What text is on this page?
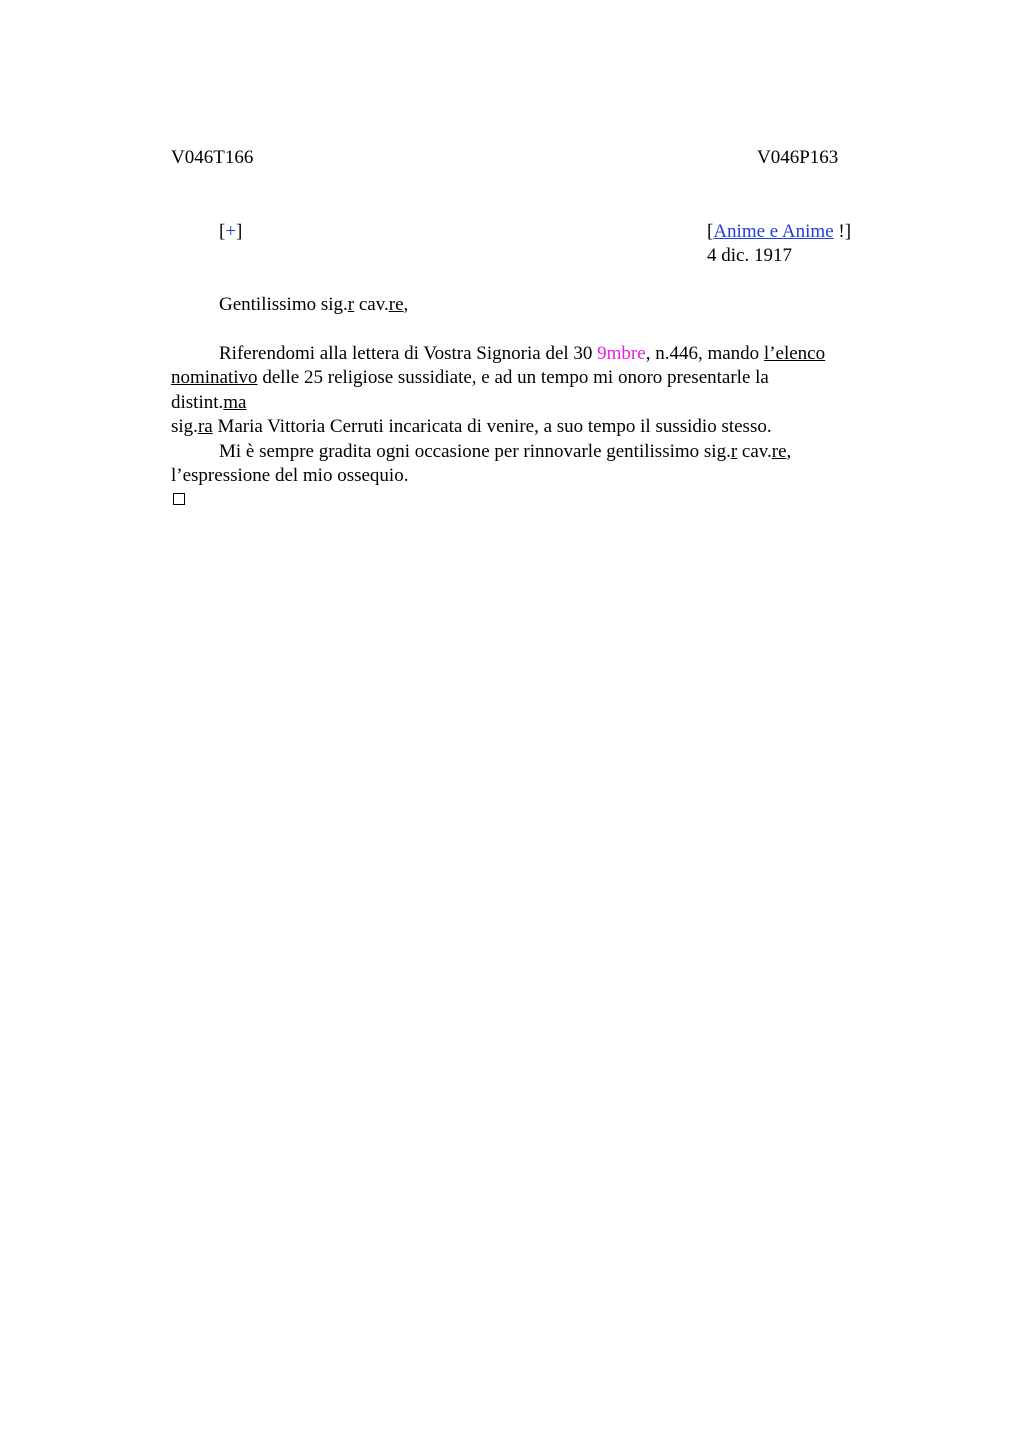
V046T166	V046P163
[+]	[Anime e Anime !]
4 dic. 1917
Gentilissimo sig.r cav.re,
Riferendomi alla lettera di Vostra Signoria del 30 9mbre, n.446, mando l’elenco
nominativo delle 25 religiose sussidiate, e ad un tempo mi onoro presentarle la
distint.ma
sig.ra Maria Vittoria Cerruti incaricata di venire, a suo tempo il sussidio stesso.
Mi è sempre gradita ogni occasione per rinnovarle gentilissimo sig.r cav.re,
l’espressione del mio ossequio.
